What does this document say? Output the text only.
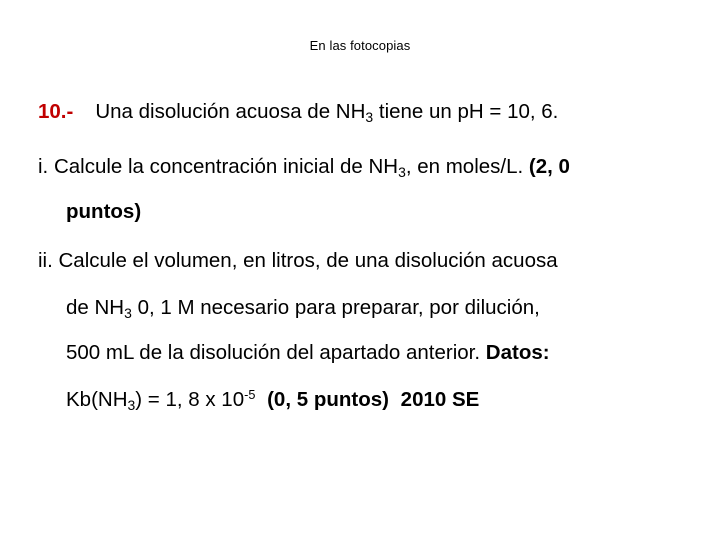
En las fotocopias
10.- Una disolución acuosa de $NH_3$ tiene un pH = 10, 6.
i. Calcule la concentración inicial de $NH_3$, en moles/L. (2, 0
puntos)
ii. Calcule el volumen, en litros, de una disolución acuosa
de $NH_3$ 0, 1 M necesario para preparar, por dilución,
500 mL de la disolución del apartado anterior. Datos:
$Kb(NH_3) = 1$, 8 x $10^{-5}$ (0, 5 puntos) 2010 SE
